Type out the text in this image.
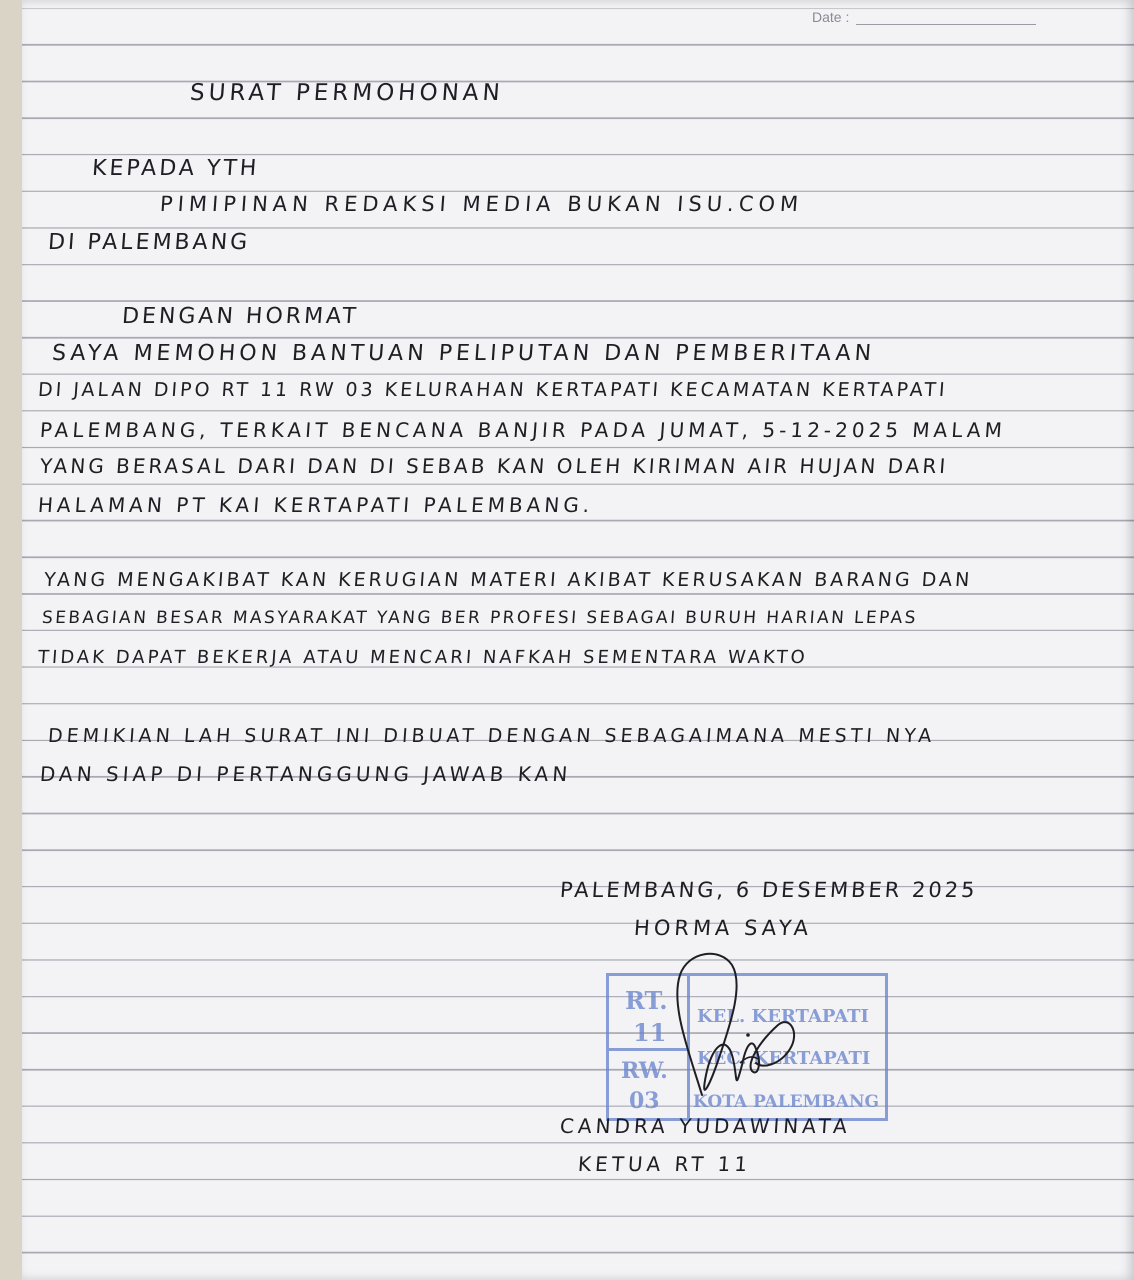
Date :
SURAT PERMOHONAN
KEPADA YTH
PIMIPINAN REDAKSI MEDIA BUKAN ISU.COM
DI PALEMBANG
DENGAN HORMAT
SAYA MEMOHON BANTUAN PELIPUTAN DAN PEMBERITAAN
DI JALAN DIPO RT 11 RW 03 KELURAHAN KERTAPATI KECAMATAN KERTAPATI
PALEMBANG, TERKAIT BENCANA BANJIR PADA JUMAT, 5-12-2025 MALAM
YANG BERASAL DARI DAN DI SEBAB KAN OLEH KIRIMAN AIR HUJAN DARI
HALAMAN PT KAI KERTAPATI PALEMBANG.
YANG MENGAKIBAT KAN KERUGIAN MATERI AKIBAT KERUSAKAN BARANG DAN
SEBAGIAN BESAR MASYARAKAT YANG BER PROFESI SEBAGAI BURUH HARIAN LEPAS
TIDAK DAPAT BEKERJA ATAU MENCARI NAFKAH SEMENTARA WAKTO
DEMIKIAN LAH SURAT INI DIBUAT DENGAN SEBAGAIMANA MESTI NYA
DAN SIAP DI PERTANGGUNG JAWAB KAN
PALEMBANG, 6 DESEMBER 2025
HORMA SAYA
RT.
11
RW.
03
KEL. KERTAPATI
KEC. KERTAPATI
KOTA PALEMBANG
CANDRA YUDAWINATA
KETUA RT 11
